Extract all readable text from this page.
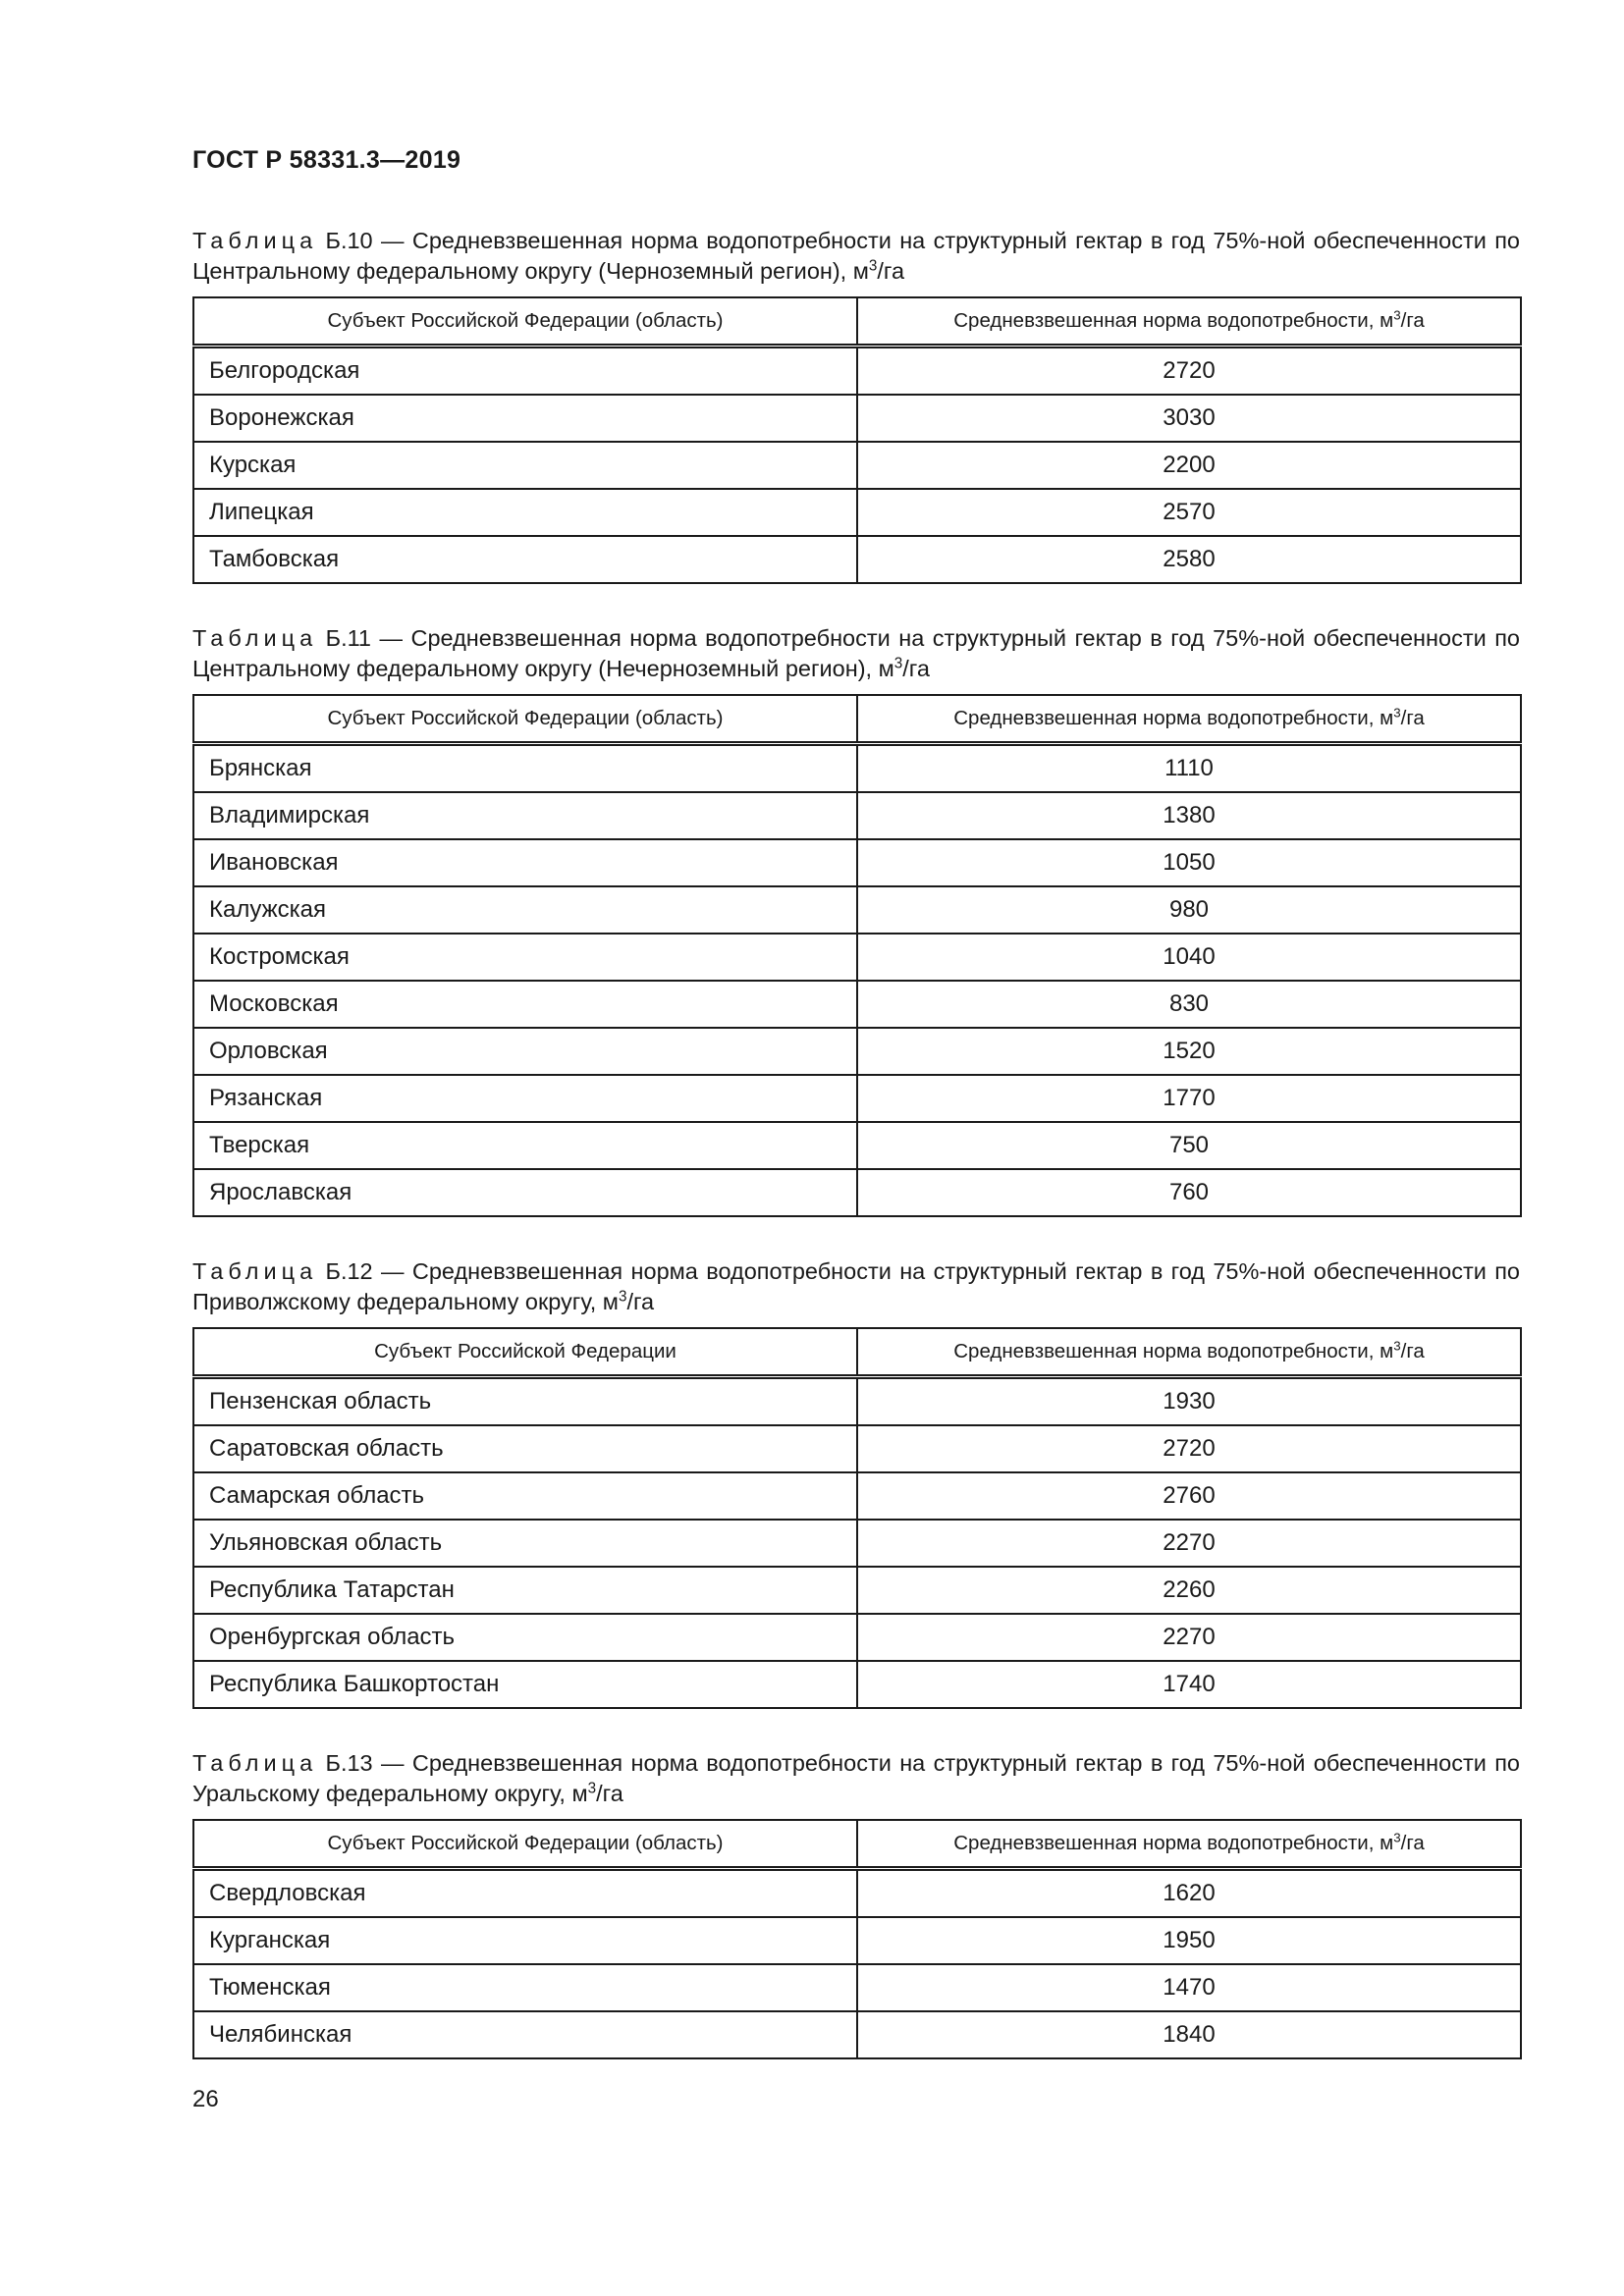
ГОСТ Р 58331.3—2019
Таблица Б.10 — Средневзвешенная норма водопотребности на структурный гектар в год 75%-ной обеспеченности по Центральному федеральному округу (Черноземный регион), $м^3/га$
Субъект Российской Федерации (область)	Средневзвешенная норма водопотребности, $м^3/га$
Белгородская	2720
Воронежская	3030
Курская	2200
Липецкая	2570
Тамбовская	2580
Таблица Б.11 — Средневзвешенная норма водопотребности на структурный гектар в год 75%-ной обеспеченности по Центральному федеральному округу (Нечерноземный регион), $м^3/га$
Субъект Российской Федерации (область)	Средневзвешенная норма водопотребности, $м^3/га$
Брянская	1110
Владимирская	1380
Ивановская	1050
Калужская	980
Костромская	1040
Московская	830
Орловская	1520
Рязанская	1770
Тверская	750
Ярославская	760
Таблица Б.12 — Средневзвешенная норма водопотребности на структурный гектар в год 75%-ной обеспеченности по Приволжскому федеральному округу, $м^3/га$
Субъект Российской Федерации	Средневзвешенная норма водопотребности, $м^3/га$
Пензенская область	1930
Саратовская область	2720
Самарская область	2760
Ульяновская область	2270
Республика Татарстан	2260
Оренбургская область	2270
Республика Башкортостан	1740
Таблица Б.13 — Средневзвешенная норма водопотребности на структурный гектар в год 75%-ной обеспеченности по Уральскому федеральному округу, $м^3/га$
Субъект Российской Федерации (область)	Средневзвешенная норма водопотребности, $м^3/га$
Свердловская	1620
Курганская	1950
Тюменская	1470
Челябинская	1840
26
